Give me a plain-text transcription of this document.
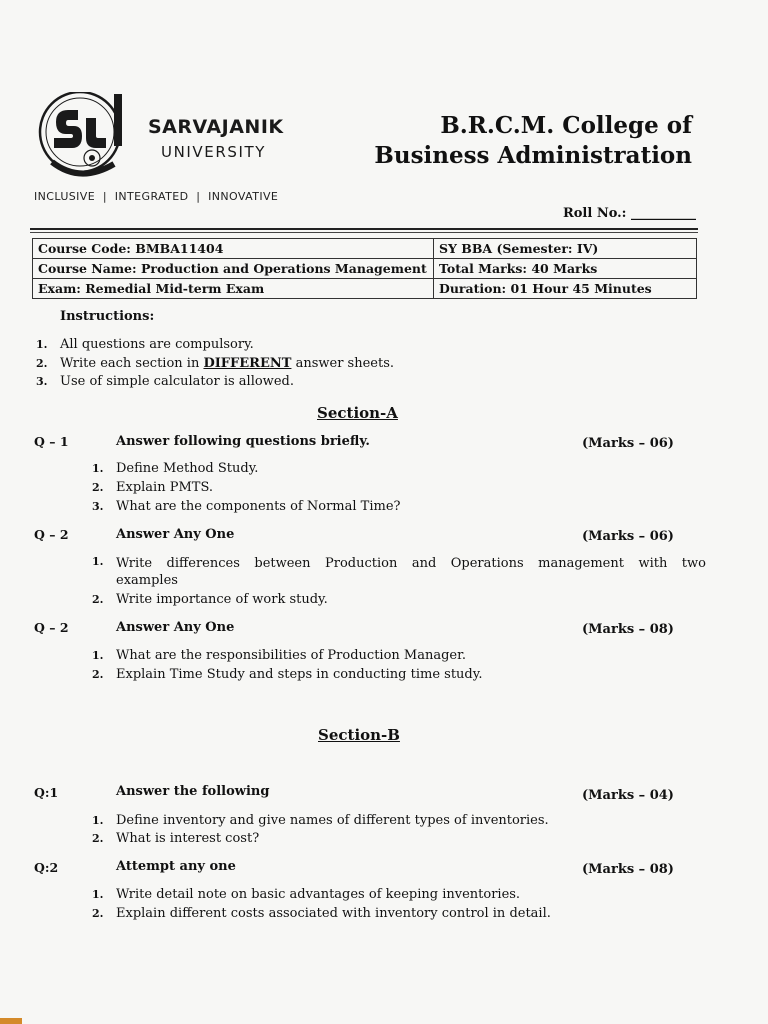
SARVAJANIK
UNIVERSITY
INCLUSIVE  |  INTEGRATED  |  INNOVATIVE
B.R.C.M. College of
Business Administration
Roll No.: __________
Course Code: BMBA11404	SY BBA (Semester: IV)
Course Name: Production and Operations Management	Total Marks: 40 Marks
Exam: Remedial Mid-term Exam	Duration: 01 Hour 45 Minutes
Instructions:
1. All questions are compulsory.
2. Write each section in DIFFERENT answer sheets.
3. Use of simple calculator is allowed.
Section-A
Q – 1	Answer following questions briefly.	(Marks – 06)
1. Define Method Study.
2. Explain PMTS.
3. What are the components of Normal Time?
Q – 2	Answer Any One	(Marks – 06)
1. Write differences between Production and Operations management with two examples
2. Write importance of work study.
Q – 2	Answer Any One	(Marks – 08)
1. What are the responsibilities of Production Manager.
2. Explain Time Study and steps in conducting time study.
Section-B
Q:1	Answer the following	(Marks – 04)
1. Define inventory and give names of different types of inventories.
2. What is interest cost?
Q:2	Attempt any one	(Marks – 08)
1. Write detail note on basic advantages of keeping inventories.
2. Explain different costs associated with inventory control in detail.
